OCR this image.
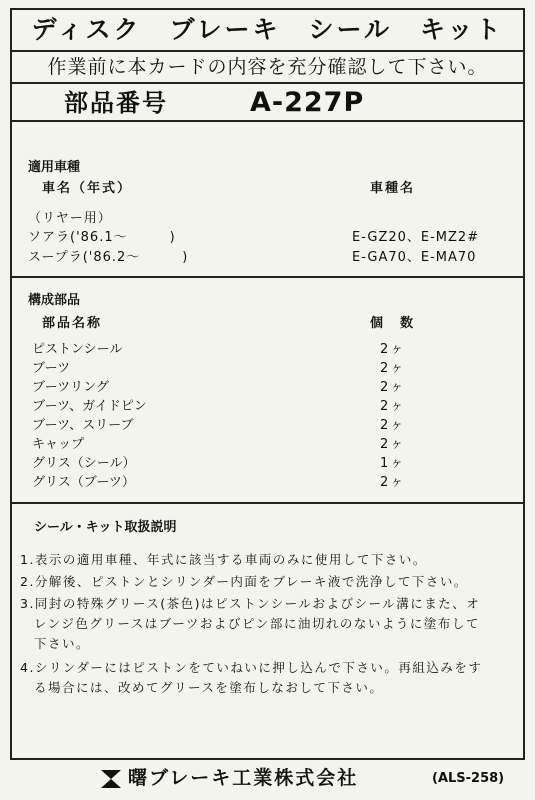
ディスク　ブレーキ　シール　キット
作業前に本カードの内容を充分確認して下さい。
部品番号	A-227P
適用車種
車名（年式）	車種名
（リヤー用）
ソアラ('86.1～　　　)	E-GZ20、E-MZ2#
スープラ('86.2～　　　)	E-GA70、E-MA70
構成部品
部品名称	個　数
ピストンシール	2ヶ
ブーツ	2ヶ
ブーツリング	2ヶ
ブーツ、ガイドピン	2ヶ
ブーツ、スリーブ	2ヶ
キャップ	2ヶ
グリス（シール）	1ヶ
グリス（ブーツ）	2ヶ
シール・キット取扱説明
1.表示の適用車種、年式に該当する車両のみに使用して下さい。
2.分解後、ピストンとシリンダー内面をブレーキ液で洗浄して下さい。
3.同封の特殊グリース(茶色)はピストンシールおよびシール溝にまた、オ
　レンジ色グリースはブーツおよびピン部に油切れのないように塗布して
　下さい。
4.シリンダーにはピストンをていねいに押し込んで下さい。再組込みをす
　る場合には、改めてグリースを塗布しなおして下さい。
曙ブレーキ工業株式会社	(ALS-258)
